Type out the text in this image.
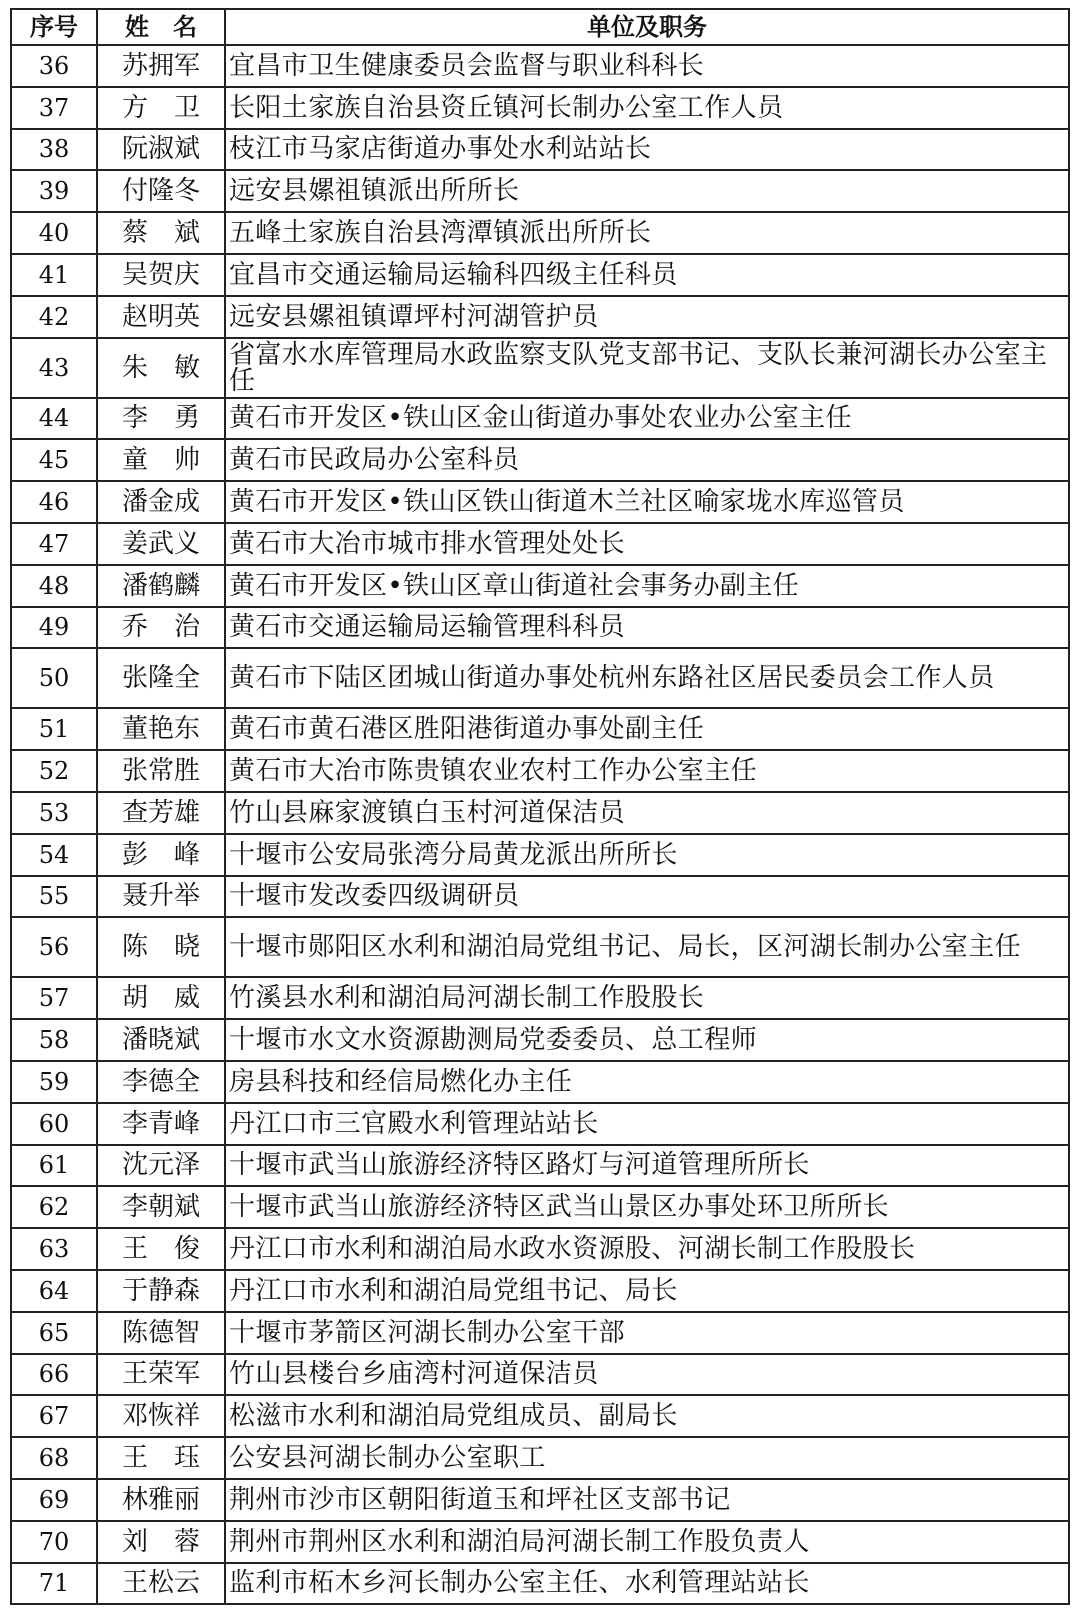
序号	姓　名	单位及职务
36	苏拥军	宜昌市卫生健康委员会监督与职业科科长
37	方　卫	长阳土家族自治县资丘镇河长制办公室工作人员
38	阮淑斌	枝江市马家店街道办事处水利站站长
39	付隆冬	远安县嫘祖镇派出所所长
40	蔡　斌	五峰土家族自治县湾潭镇派出所所长
41	吴贺庆	宜昌市交通运输局运输科四级主任科员
42	赵明英	远安县嫘祖镇谭坪村河湖管护员
43	朱　敏	省富水水库管理局水政监察支队党支部书记、支队长兼河湖长办公室主任
44	李　勇	黄石市开发区•铁山区金山街道办事处农业办公室主任
45	童　帅	黄石市民政局办公室科员
46	潘金成	黄石市开发区•铁山区铁山街道木兰社区喻家垅水库巡管员
47	姜武义	黄石市大冶市城市排水管理处处长
48	潘鹤麟	黄石市开发区•铁山区章山街道社会事务办副主任
49	乔　治	黄石市交通运输局运输管理科科员
50	张隆全	黄石市下陆区团城山街道办事处杭州东路社区居民委员会工作人员
51	董艳东	黄石市黄石港区胜阳港街道办事处副主任
52	张常胜	黄石市大冶市陈贵镇农业农村工作办公室主任
53	查芳雄	竹山县麻家渡镇白玉村河道保洁员
54	彭　峰	十堰市公安局张湾分局黄龙派出所所长
55	聂升举	十堰市发改委四级调研员
56	陈　晓	十堰市郧阳区水利和湖泊局党组书记、局长，区河湖长制办公室主任
57	胡　威	竹溪县水利和湖泊局河湖长制工作股股长
58	潘晓斌	十堰市水文水资源勘测局党委委员、总工程师
59	李德全	房县科技和经信局燃化办主任
60	李青峰	丹江口市三官殿水利管理站站长
61	沈元泽	十堰市武当山旅游经济特区路灯与河道管理所所长
62	李朝斌	十堰市武当山旅游经济特区武当山景区办事处环卫所所长
63	王　俊	丹江口市水利和湖泊局水政水资源股、河湖长制工作股股长
64	于静森	丹江口市水利和湖泊局党组书记、局长
65	陈德智	十堰市茅箭区河湖长制办公室干部
66	王荣军	竹山县楼台乡庙湾村河道保洁员
67	邓恢祥	松滋市水利和湖泊局党组成员、副局长
68	王　珏	公安县河湖长制办公室职工
69	林雅丽	荆州市沙市区朝阳街道玉和坪社区支部书记
70	刘　蓉	荆州市荆州区水利和湖泊局河湖长制工作股负责人
71	王松云	监利市柘木乡河长制办公室主任、水利管理站站长
